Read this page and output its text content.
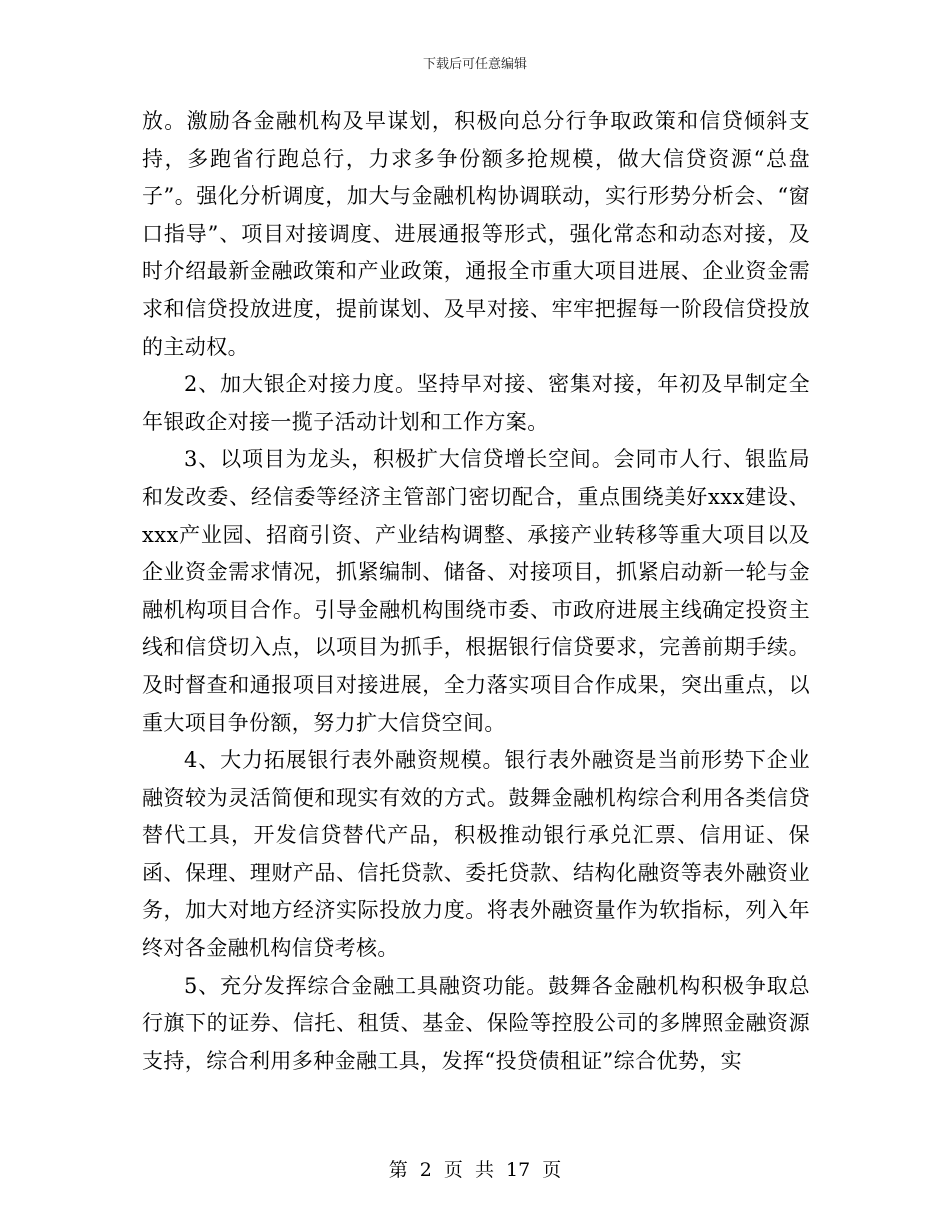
下载后可任意编辑

放。激励各金融机构及早谋划，积极向总分行争取政策和信贷倾斜支持，多跑省行跑总行，力求多争份额多抢规模，做大信贷资源“总盘子”。强化分析调度，加大与金融机构协调联动，实行形势分析会、“窗口指导”、项目对接调度、进展通报等形式，强化常态和动态对接，及时介绍最新金融政策和产业政策，通报全市重大项目进展、企业资金需求和信贷投放进度，提前谋划、及早对接、牢牢把握每一阶段信贷投放的主动权。

2、加大银企对接力度。坚持早对接、密集对接，年初及早制定全年银政企对接一揽子活动计划和工作方案。

3、以项目为龙头，积极扩大信贷增长空间。会同市人行、银监局和发改委、经信委等经济主管部门密切配合，重点围绕美好xxx建设、xxx产业园、招商引资、产业结构调整、承接产业转移等重大项目以及企业资金需求情况，抓紧编制、储备、对接项目，抓紧启动新一轮与金融机构项目合作。引导金融机构围绕市委、市政府进展主线确定投资主线和信贷切入点，以项目为抓手，根据银行信贷要求，完善前期手续。及时督查和通报项目对接进展，全力落实项目合作成果，突出重点，以重大项目争份额，努力扩大信贷空间。

4、大力拓展银行表外融资规模。银行表外融资是当前形势下企业融资较为灵活简便和现实有效的方式。鼓舞金融机构综合利用各类信贷替代工具，开发信贷替代产品，积极推动银行承兑汇票、信用证、保函、保理、理财产品、信托贷款、委托贷款、结构化融资等表外融资业务，加大对地方经济实际投放力度。将表外融资量作为软指标，列入年终对各金融机构信贷考核。

5、充分发挥综合金融工具融资功能。鼓舞各金融机构积极争取总行旗下的证券、信托、租赁、基金、保险等控股公司的多牌照金融资源支持，综合利用多种金融工具，发挥“投贷债租证”综合优势，实

第 2 页 共 17 页
